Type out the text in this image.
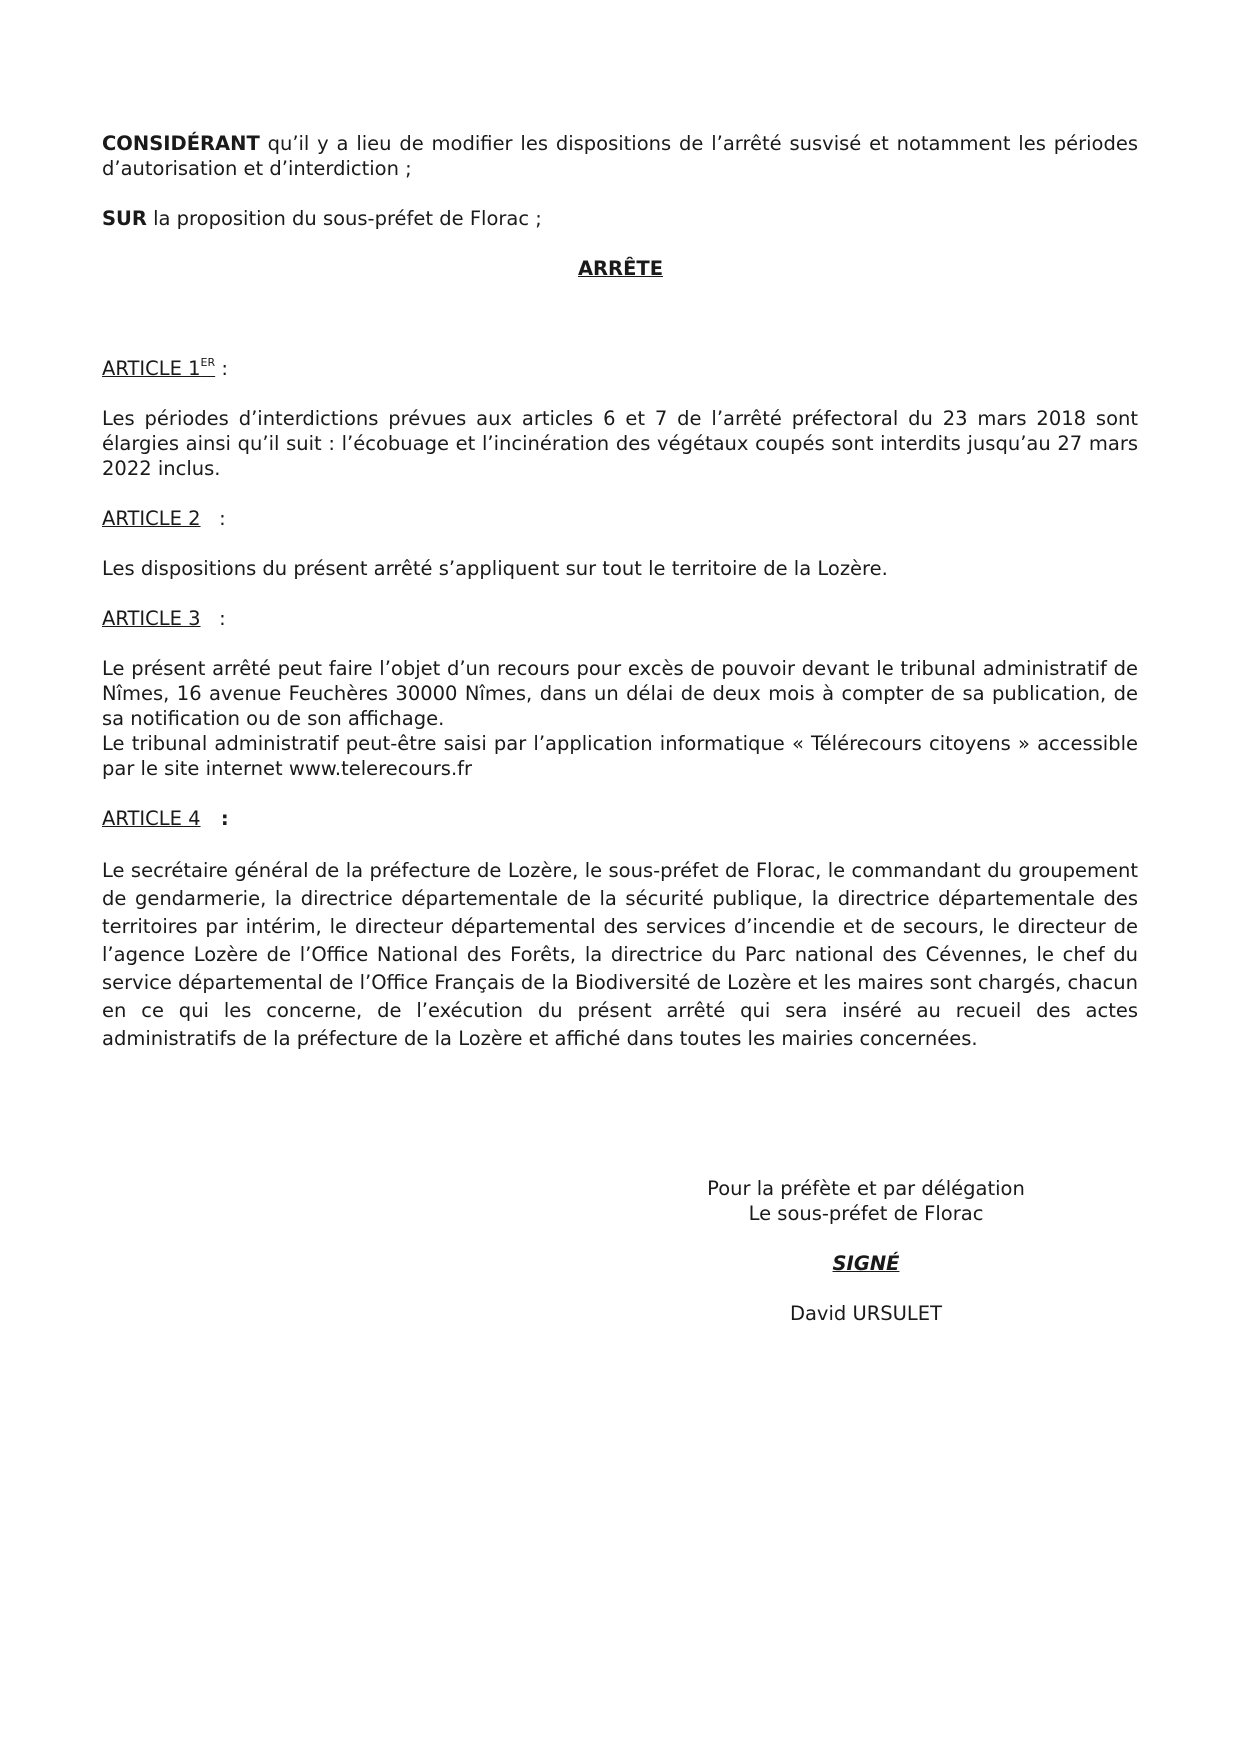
CONSIDÉRANT qu’il y a lieu de modifier les dispositions de l’arrêté susvisé et notamment les périodes d’autorisation et d’interdiction ;

SUR la proposition du sous-préfet de Florac ;

ARRÊTE
ARTICLE 1ER :

Les périodes d’interdictions prévues aux articles 6 et 7 de l’arrêté préfectoral du 23 mars 2018 sont élargies ainsi qu’il suit : l’écobuage et l’incinération des végétaux coupés sont interdits jusqu’au 27 mars 2022 inclus.

ARTICLE 2   :

Les dispositions du présent arrêté s’appliquent sur tout le territoire de la Lozère.

ARTICLE 3   :

Le présent arrêté peut faire l’objet d’un recours pour excès de pouvoir devant le tribunal administratif de Nîmes, 16 avenue Feuchères 30000 Nîmes, dans un délai de deux mois à compter de sa publication, de sa notification ou de son affichage.

Le tribunal administratif peut-être saisi par l’application informatique « Télérecours citoyens » accessible par le site internet www.telerecours.fr

ARTICLE 4   :

Le secrétaire général de la préfecture de Lozère, le sous-préfet de Florac, le commandant du groupement de gendarmerie, la directrice départementale de la sécurité publique, la directrice départementale des territoires par intérim, le directeur départemental des services d’incendie et de secours, le directeur de l’agence Lozère de l’Office National des Forêts, la directrice du Parc national des Cévennes, le chef du service départemental de l’Office Français de la Biodiversité de Lozère et les maires sont chargés, chacun en ce qui les concerne, de l’exécution du présent arrêté qui sera inséré au recueil des actes administratifs de la préfecture de la Lozère et affiché dans toutes les mairies concernées.

Pour la préfète et par délégation
Le sous-préfet de Florac
SIGNÉ
David URSULET
